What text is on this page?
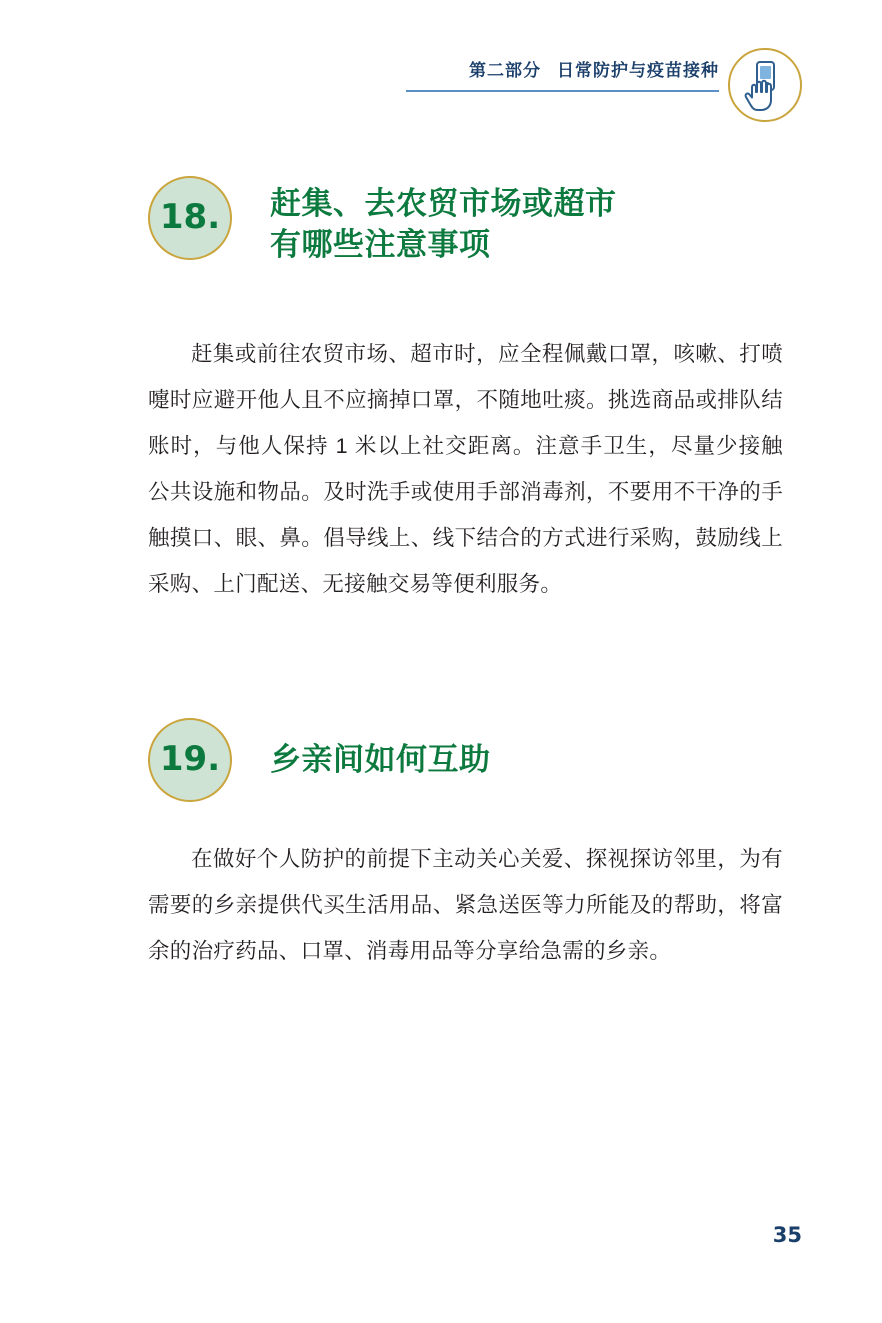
第二部分 日常防护与疫苗接种
18. 赶集、去农贸市场或超市
有哪些注意事项

赶集或前往农贸市场、超市时，应全程佩戴口罩，咳嗽、打喷嚏时应避开他人且不应摘掉口罩，不随地吐痰。挑选商品或排队结账时，与他人保持 1 米以上社交距离。注意手卫生，尽量少接触公共设施和物品。及时洗手或使用手部消毒剂，不要用不干净的手触摸口、眼、鼻。倡导线上、线下结合的方式进行采购，鼓励线上采购、上门配送、无接触交易等便利服务。

19. 乡亲间如何互助

在做好个人防护的前提下主动关心关爱、探视探访邻里，为有需要的乡亲提供代买生活用品、紧急送医等力所能及的帮助，将富余的治疗药品、口罩、消毒用品等分享给急需的乡亲。

35
